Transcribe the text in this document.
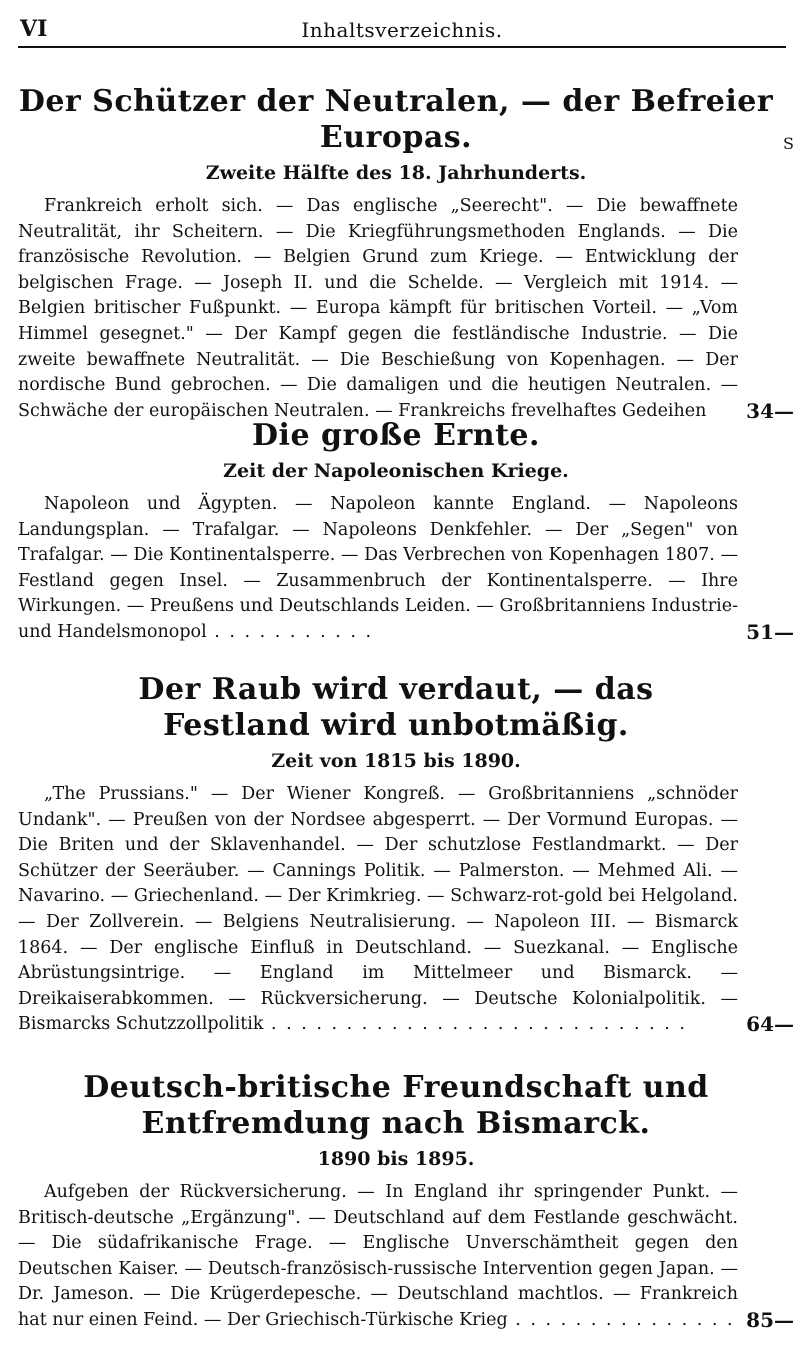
VI	Inhaltsverzeichnis.
S
Der Schützer der Neutralen, — der Befreier Europas.
Zweite Hälfte des 18. Jahrhunderts.
Frankreich erholt sich. — Das englische „Seerecht". — Die bewaffnete Neutralität, ihr Scheitern. — Die Kriegführungsmethoden Englands. — Die französische Revolution. — Belgien Grund zum Kriege. — Entwicklung der belgischen Frage. — Joseph II. und die Schelde. — Vergleich mit 1914. — Belgien britischer Fußpunkt. — Europa kämpft für britischen Vorteil. — „Vom Himmel gesegnet." — Der Kampf gegen die festländische Industrie. — Die zweite bewaffnete Neutralität. — Die Beschießung von Kopenhagen. — Der nordische Bund gebrochen. — Die damaligen und die heutigen Neutralen. — Schwäche der europäischen Neutralen. — Frankreichs frevelhaftes Gedeihen	34—
Die große Ernte.
Zeit der Napoleonischen Kriege.
Napoleon und Ägypten. — Napoleon kannte England. — Napoleons Landungsplan. — Trafalgar. — Napoleons Denkfehler. — Der „Segen" von Trafalgar. — Die Kontinentalsperre. — Das Verbrechen von Kopenhagen 1807. — Festland gegen Insel. — Zusammenbruch der Kontinentalsperre. — Ihre Wirkungen. — Preußens und Deutschlands Leiden. — Großbritanniens Industrie- und Handelsmonopol . . . . . . . . . . .	51—
Der Raub wird verdaut, — das Festland wird unbotmäßig.
Zeit von 1815 bis 1890.
„The Prussians." — Der Wiener Kongreß. — Großbritanniens „schnöder Undank". — Preußen von der Nordsee abgesperrt. — Der Vormund Europas. — Die Briten und der Sklavenhandel. — Der schutzlose Festlandmarkt. — Der Schützer der Seeräuber. — Cannings Politik. — Palmerston. — Mehmed Ali. — Navarino. — Griechenland. — Der Krimkrieg. — Schwarz-rot-gold bei Helgoland. — Der Zollverein. — Belgiens Neutralisierung. — Napoleon III. — Bismarck 1864. — Der englische Einfluß in Deutschland. — Suezkanal. — Englische Abrüstungsintrige. — England im Mittelmeer und Bismarck. — Dreikaiserabkommen. — Rückversicherung. — Deutsche Kolonialpolitik. — Bismarcks Schutzzollpolitik . . . . . . . . . . . . . . . . . . . . . . . . . . . .	64—
Deutsch-britische Freundschaft und Entfremdung nach Bismarck.
1890 bis 1895.
Aufgeben der Rückversicherung. — In England ihr springender Punkt. — Britisch-deutsche „Ergänzung". — Deutschland auf dem Festlande geschwächt. — Die südafrikanische Frage. — Englische Unverschämtheit gegen den Deutschen Kaiser. — Deutsch-französisch-russische Intervention gegen Japan. — Dr. Jameson. — Die Krügerdepesche. — Deutschland machtlos. — Frankreich hat nur einen Feind. — Der Griechisch-Türkische Krieg . . . . . . . . . . . . . . . 85—
